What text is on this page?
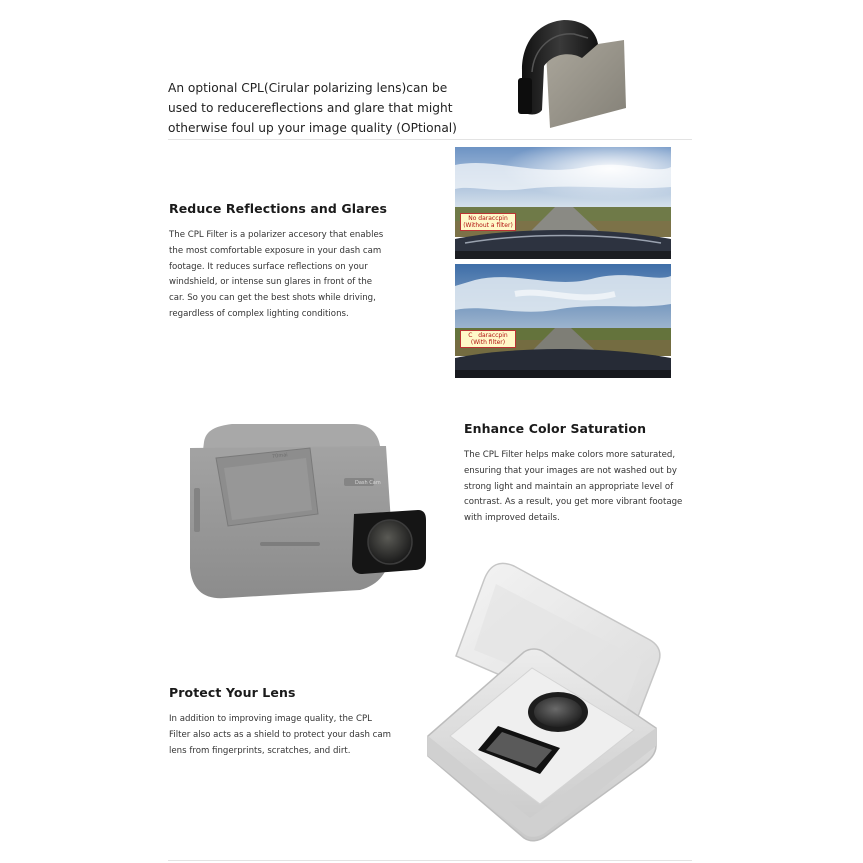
An optional CPL(Cirular polarizing lens)can be used to reducereflections and glare that might otherwise foul up your image quality (OPtional)
Reduce Reflections and Glares
The CPL Filter is a polarizer accesory that enables the most comfortable exposure in your dash cam footage. It reduces surface reflections on your windshield, or intense sun glares in front of the car. So you can get the best shots while driving, regardless of complex lighting conditions.
No daraccpin (Without a filter)
C   daraccpin (With filter)
70mai
Dash Cam
Enhance Color Saturation
The CPL Filter helps make colors more saturated, ensuring that your images are not washed out by strong light and maintain an appropriate level of contrast. As a result, you get more vibrant footage with improved details.
Protect Your Lens
In addition to improving image quality, the CPL Filter also acts as a shield to protect your dash cam lens from fingerprints, scratches, and dirt.
